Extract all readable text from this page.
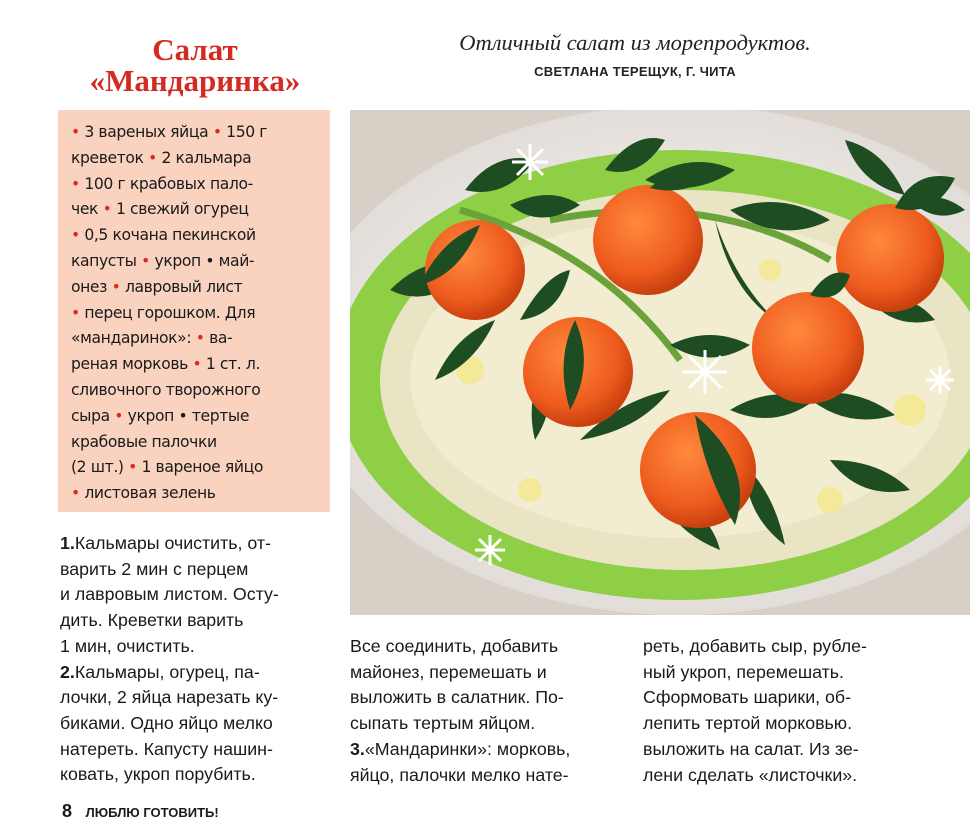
Салат
«Мандаринка»
Отличный салат из морепродуктов.
СВЕТЛАНА ТЕРЕЩУК, Г. ЧИТА
• 3 вареных яйца • 150 г
креветок • 2 кальмара
• 100 г крабовых пало-
чек • 1 свежий огурец
• 0,5 кочана пекинской
капусты • укроп • май-
онез • лавровый лист
• перец горошком. Для
«мандаринок»: • ва-
реная морковь • 1 ст. л.
сливочного творожного
сыра • укроп • тертые
крабовые палочки
(2 шт.) • 1 вареное яйцо
• листовая зелень
1.Кальмары очистить, от-
варить 2 мин с перцем
и лавровым листом. Осту-
дить. Креветки варить
1 мин, очистить.
2.Кальмары, огурец, па-
лочки, 2 яйца нарезать ку-
биками. Одно яйцо мелко
натереть. Капусту нашин-
ковать, укроп порубить.
Все соединить, добавить
майонез, перемешать и
выложить в салатник. По-
сыпать тертым яйцом.
3.«Мандаринки»: морковь,
яйцо, палочки мелко нате-
реть, добавить сыр, рубле-
ный укроп, перемешать.
Сформовать шарики, об-
лепить тертой морковью.
выложить на салат. Из зе-
лени сделать «листочки».
8 ЛЮБЛЮ ГОТОВИТЬ!
